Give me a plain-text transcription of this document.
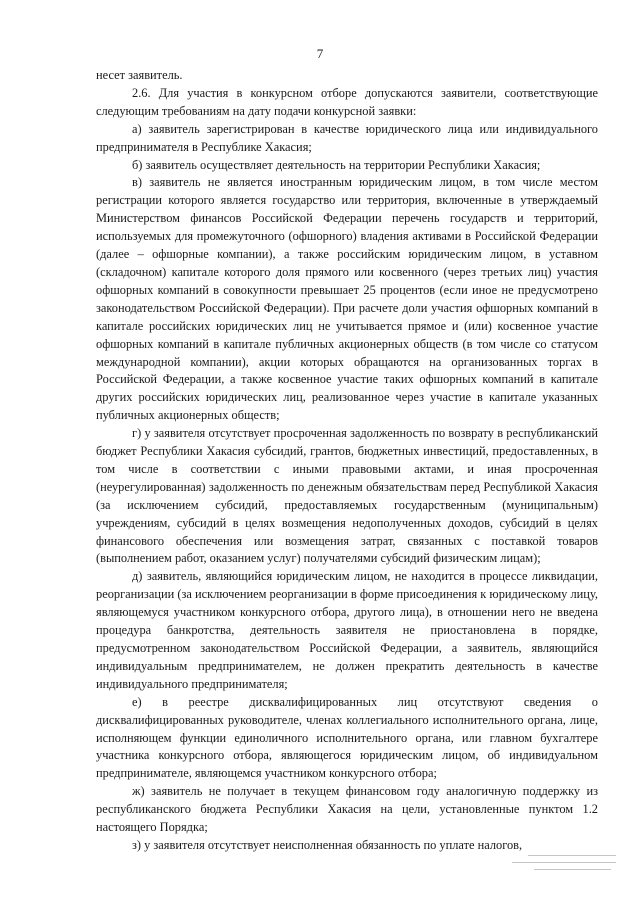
7

несет заявитель.

2.6. Для участия в конкурсном отборе допускаются заявители, соответствующие следующим требованиям на дату подачи конкурсной заявки:

а) заявитель зарегистрирован в качестве юридического лица или индивидуального предпринимателя в Республике Хакасия;

б) заявитель осуществляет деятельность на территории Республики Хакасия;

в) заявитель не является иностранным юридическим лицом, в том числе местом регистрации которого является государство или территория, включенные в утверждаемый Министерством финансов Российской Федерации перечень государств и территорий, используемых для промежуточного (офшорного) владения активами в Российской Федерации (далее – офшорные компании), а также российским юридическим лицом, в уставном (складочном) капитале которого доля прямого или косвенного (через третьих лиц) участия офшорных компаний в совокупности превышает 25 процентов (если иное не предусмотрено законодательством Российской Федерации). При расчете доли участия офшорных компаний в капитале российских юридических лиц не учитывается прямое и (или) косвенное участие офшорных компаний в капитале публичных акционерных обществ (в том числе со статусом международной компании), акции которых обращаются на организованных торгах в Российской Федерации, а также косвенное участие таких офшорных компаний в капитале других российских юридических лиц, реализованное через участие в капитале указанных публичных акционерных обществ;

г) у заявителя отсутствует просроченная задолженность по возврату в республиканский бюджет Республики Хакасия субсидий, грантов, бюджетных инвестиций, предоставленных, в том числе в соответствии с иными правовыми актами, и иная просроченная (неурегулированная) задолженность по денежным обязательствам перед Республикой Хакасия (за исключением субсидий, предоставляемых государственным (муниципальным) учреждениям, субсидий в целях возмещения недополученных доходов, субсидий в целях финансового обеспечения или возмещения затрат, связанных с поставкой товаров (выполнением работ, оказанием услуг) получателями субсидий физическим лицам);

д) заявитель, являющийся юридическим лицом, не находится в процессе ликвидации, реорганизации (за исключением реорганизации в форме присоединения к юридическому лицу, являющемуся участником конкурсного отбора, другого лица), в отношении него не введена процедура банкротства, деятельность заявителя не приостановлена в порядке, предусмотренном законодательством Российской Федерации, а заявитель, являющийся индивидуальным предпринимателем, не должен прекратить деятельность в качестве индивидуального предпринимателя;

е) в реестре дисквалифицированных лиц отсутствуют сведения о дисквалифицированных руководителе, членах коллегиального исполнительного органа, лице, исполняющем функции единоличного исполнительного органа, или главном бухгалтере участника конкурсного отбора, являющегося юридическим лицом, об индивидуальном предпринимателе, являющемся участником конкурсного отбора;

ж) заявитель не получает в текущем финансовом году аналогичную поддержку из республиканского бюджета Республики Хакасия на цели, установленные пунктом 1.2 настоящего Порядка;

з) у заявителя отсутствует неисполненная обязанность по уплате налогов,
